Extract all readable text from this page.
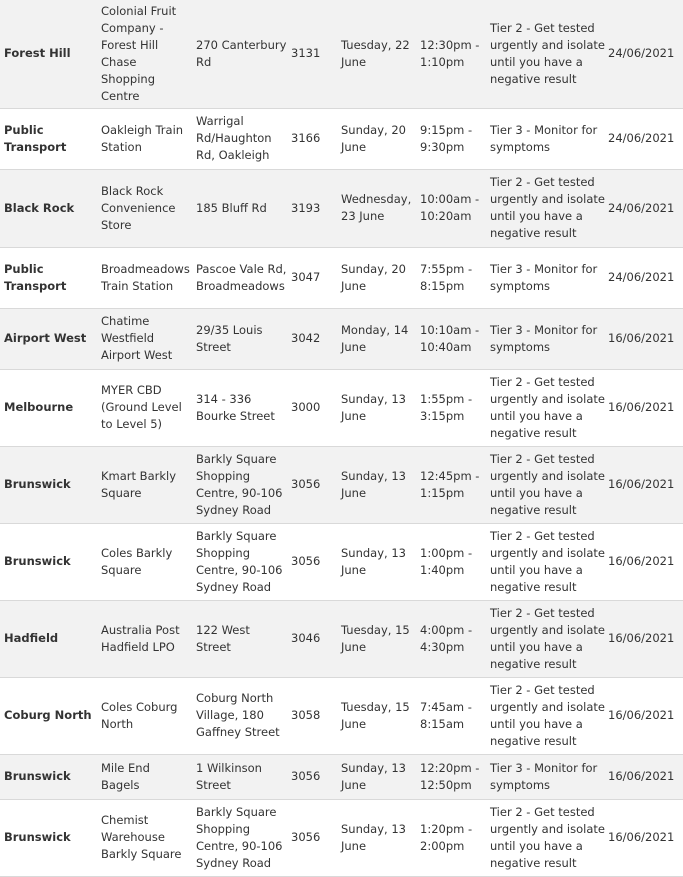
Forest Hill	Colonial Fruit Company - Forest Hill Chase Shopping Centre	270 Canterbury Rd	3131	Tuesday, 22 June	12:30pm - 1:10pm	Tier 2 - Get tested urgently and isolate until you have a negative result	24/06/2021
Public Transport	Oakleigh Train Station	Warrigal Rd/Haughton Rd, Oakleigh	3166	Sunday, 20 June	9:15pm - 9:30pm	Tier 3 - Monitor for symptoms	24/06/2021
Black Rock	Black Rock Convenience Store	185 Bluff Rd	3193	Wednesday, 23 June	10:00am - 10:20am	Tier 2 - Get tested urgently and isolate until you have a negative result	24/06/2021
Public Transport	Broadmeadows Train Station	Pascoe Vale Rd, Broadmeadows	3047	Sunday, 20 June	7:55pm - 8:15pm	Tier 3 - Monitor for symptoms	24/06/2021
Airport West	Chatime Westfield Airport West	29/35 Louis Street	3042	Monday, 14 June	10:10am - 10:40am	Tier 3 - Monitor for symptoms	16/06/2021
Melbourne	MYER CBD (Ground Level to Level 5)	314 - 336 Bourke Street	3000	Sunday, 13 June	1:55pm - 3:15pm	Tier 2 - Get tested urgently and isolate until you have a negative result	16/06/2021
Brunswick	Kmart Barkly Square	Barkly Square Shopping Centre, 90-106 Sydney Road	3056	Sunday, 13 June	12:45pm - 1:15pm	Tier 2 - Get tested urgently and isolate until you have a negative result	16/06/2021
Brunswick	Coles Barkly Square	Barkly Square Shopping Centre, 90-106 Sydney Road	3056	Sunday, 13 June	1:00pm - 1:40pm	Tier 2 - Get tested urgently and isolate until you have a negative result	16/06/2021
Hadfield	Australia Post Hadfield LPO	122 West Street	3046	Tuesday, 15 June	4:00pm - 4:30pm	Tier 2 - Get tested urgently and isolate until you have a negative result	16/06/2021
Coburg North	Coles Coburg North	Coburg North Village, 180 Gaffney Street	3058	Tuesday, 15 June	7:45am - 8:15am	Tier 2 - Get tested urgently and isolate until you have a negative result	16/06/2021
Brunswick	Mile End Bagels	1 Wilkinson Street	3056	Sunday, 13 June	12:20pm - 12:50pm	Tier 3 - Monitor for symptoms	16/06/2021
Brunswick	Chemist Warehouse Barkly Square	Barkly Square Shopping Centre, 90-106 Sydney Road	3056	Sunday, 13 June	1:20pm - 2:00pm	Tier 2 - Get tested urgently and isolate until you have a negative result	16/06/2021
